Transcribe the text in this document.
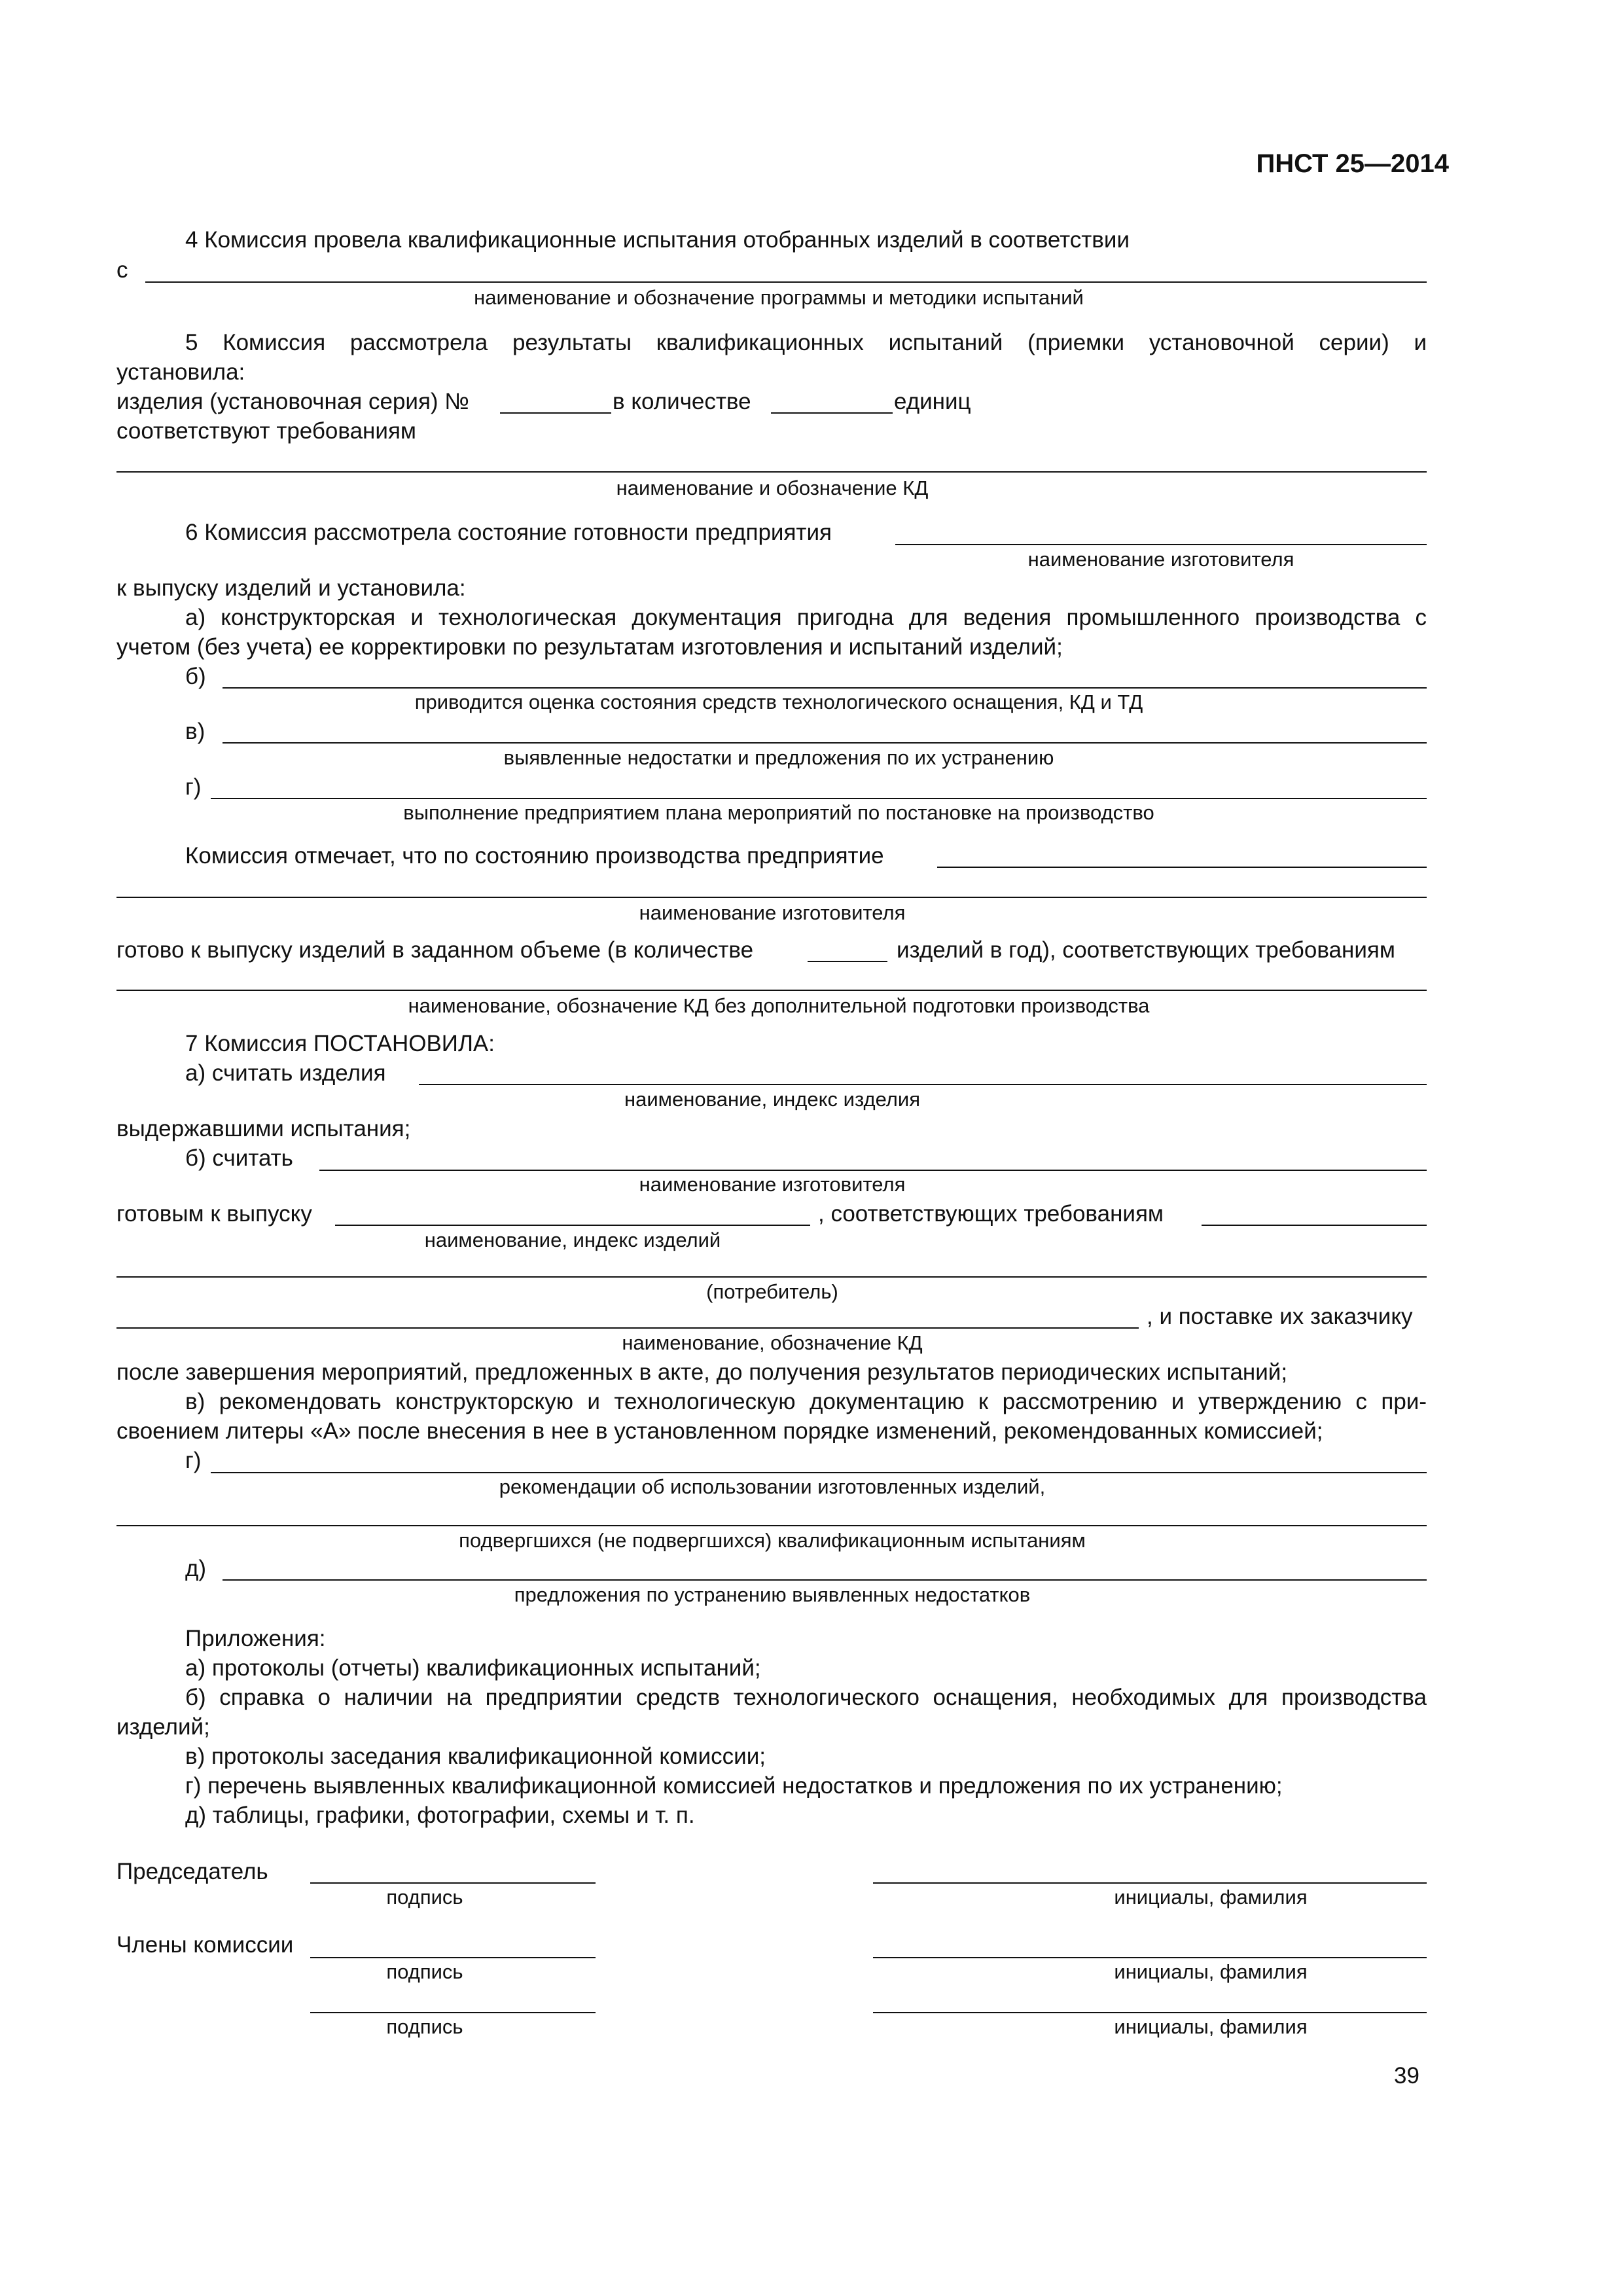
ПНСТ 25—2014
4 Комиссия провела квалификационные испытания отобранных изделий в соответствии
с
наименование и обозначение программы и методики испытаний
5 Комиссия рассмотрела результаты квалификационных испытаний (приемки установочной серии) и
установила:
изделия (установочная серия) №	в количестве	единиц
соответствуют требованиям
наименование и обозначение КД
6 Комиссия рассмотрела состояние готовности предприятия
наименование изготовителя
к выпуску изделий и установила:
а) конструкторская и технологическая документация пригодна для ведения промышленного производства с
учетом (без учета) ее корректировки по результатам изготовления и испытаний изделий;
б)
приводится оценка состояния средств технологического оснащения, КД и ТД
в)
выявленные недостатки и предложения по их устранению
г)
выполнение предприятием плана мероприятий по постановке на производство
Комиссия отмечает, что по состоянию производства предприятие
наименование изготовителя
готово к выпуску изделий в заданном объеме (в количестве	изделий в год), соответствующих требованиям
наименование, обозначение КД без дополнительной подготовки производства
7 Комиссия ПОСТАНОВИЛА:
а) считать изделия
наименование, индекс изделия
выдержавшими испытания;
б) считать
наименование изготовителя
готовым к выпуску	, соответствующих требованиям
наименование, индекс изделий
(потребитель)
, и поставке их заказчику
наименование, обозначение КД
после завершения мероприятий, предложенных в акте, до получения результатов периодических испытаний;
в) рекомендовать конструкторскую и технологическую документацию к рассмотрению и утверждению с при-
своением литеры «А» после внесения в нее в установленном порядке изменений, рекомендованных комиссией;
г)
рекомендации об использовании изготовленных изделий,
подвергшихся (не подвергшихся) квалификационным испытаниям
д)
предложения по устранению выявленных недостатков
Приложения:
а) протоколы (отчеты) квалификационных испытаний;
б) справка о наличии на предприятии средств технологического оснащения, необходимых для производства
изделий;
в) протоколы заседания квалификационной комиссии;
г) перечень выявленных квалификационной комиссией недостатков и предложения по их устранению;
д) таблицы, графики, фотографии, схемы и т. п.
Председатель
подпись	инициалы, фамилия
Члены комиссии
подпись	инициалы, фамилия
подпись	инициалы, фамилия
39
